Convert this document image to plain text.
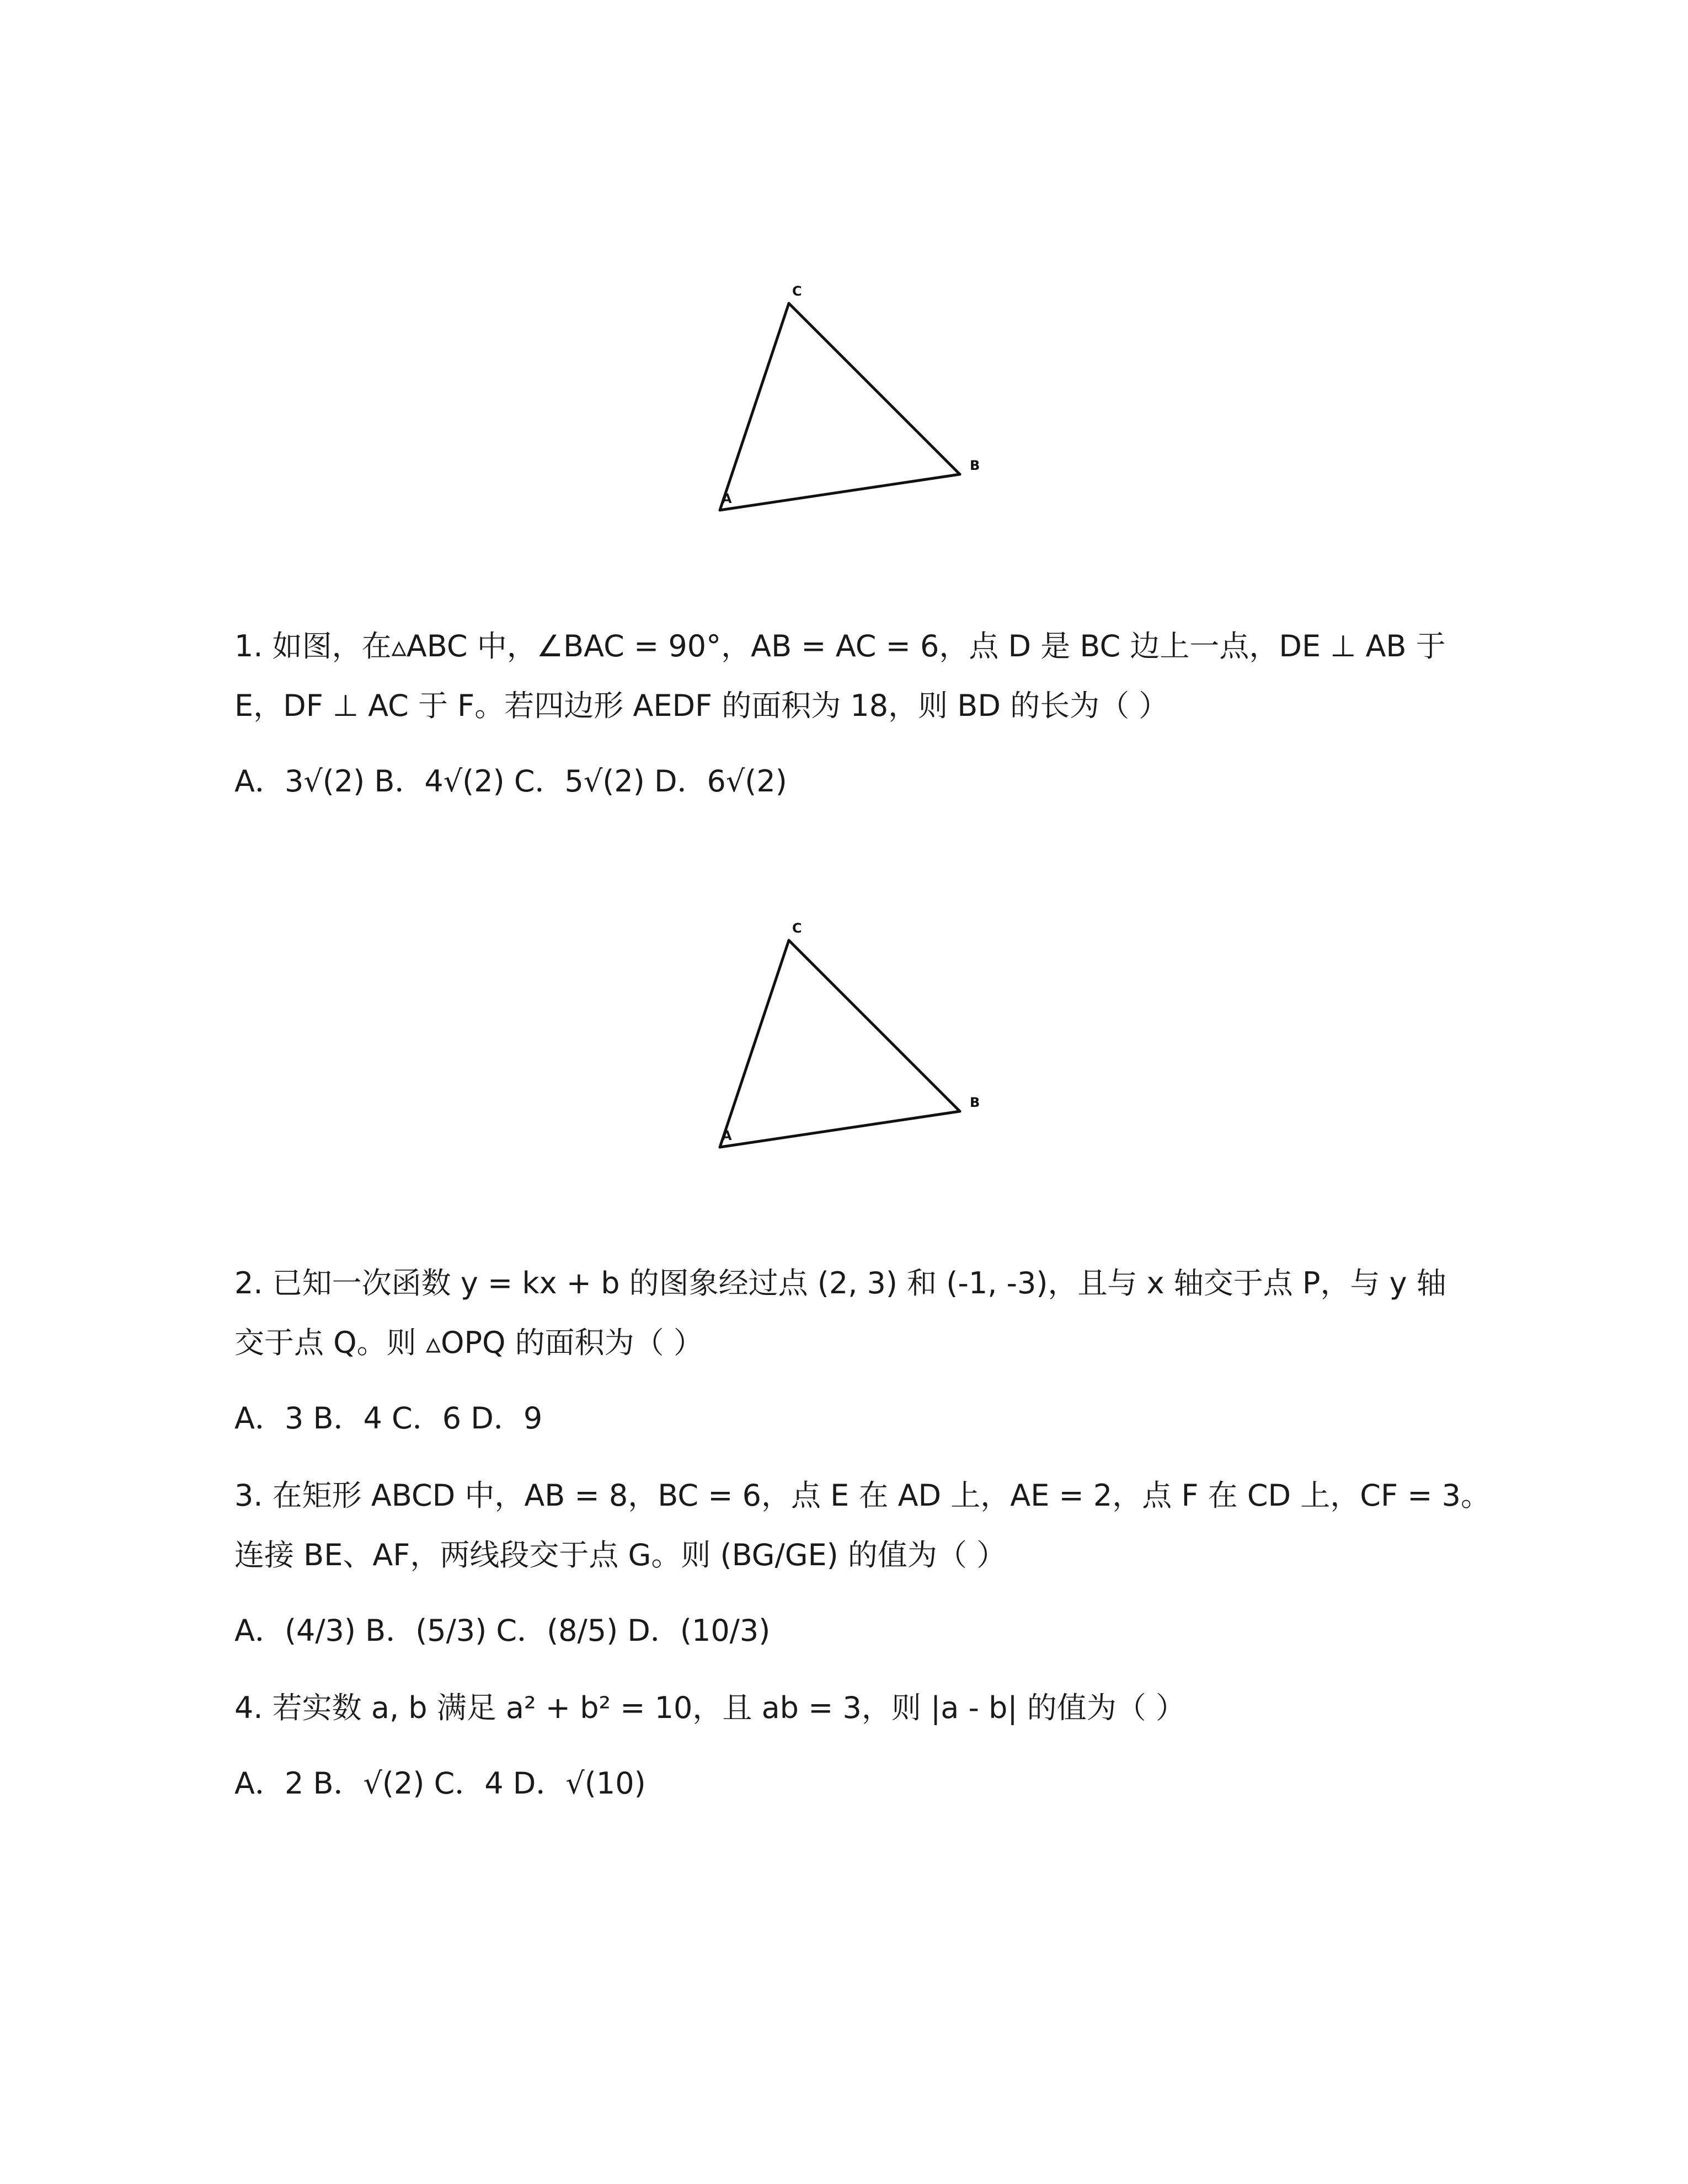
C
B
A
1. 如图，在▵ABC 中，∠BAC = 90°，AB = AC = 6，点 D 是 BC 边上一点，DE ⊥ AB 于
E，DF ⊥ AC 于 F。若四边形 AEDF 的面积为 18，则 BD 的长为（ ）
A．3√(2) B．4√(2) C．5√(2) D．6√(2)
C
B
A
2. 已知一次函数 y = kx + b 的图象经过点 (2, 3) 和 (-1, -3)，且与 x 轴交于点 P，与 y 轴
交于点 Q。则 ▵OPQ 的面积为（ ）
A．3 B．4 C．6 D．9
3. 在矩形 ABCD 中，AB = 8，BC = 6，点 E 在 AD 上，AE = 2，点 F 在 CD 上，CF = 3。
连接 BE、AF，两线段交于点 G。则 (BG/GE) 的值为（ ）
A．(4/3) B．(5/3) C．(8/5) D．(10/3)
4. 若实数 a, b 满足 a² + b² = 10，且 ab = 3，则 |a - b| 的值为（ ）
A．2 B．√(2) C．4 D．√(10)
